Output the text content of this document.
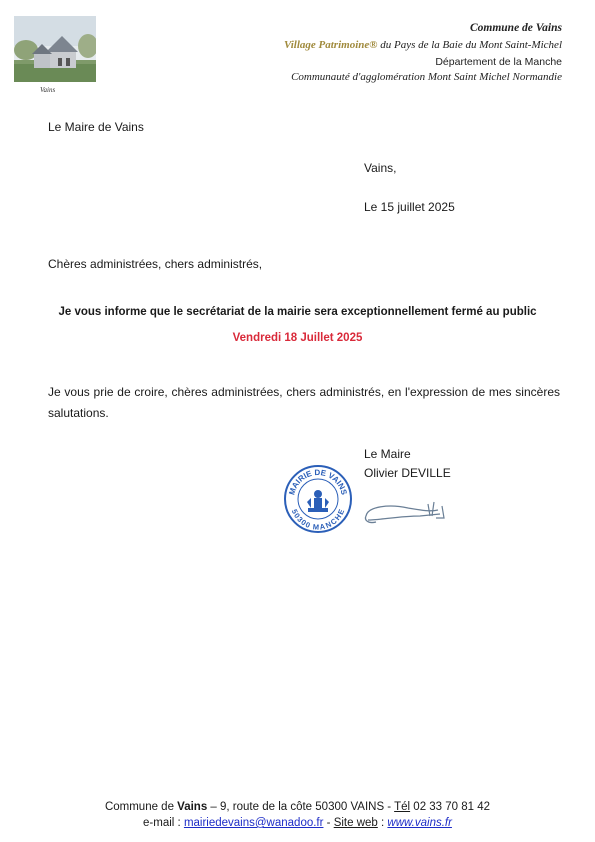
Vains
Commune de Vains
Village Patrimoine® du Pays de la Baie du Mont Saint-Michel
Département de la Manche
Communauté d'agglomération Mont Saint Michel Normandie
Le Maire de Vains
Vains,
Le 15 juillet 2025
Chères administrées, chers administrés,
Je vous informe que le secrétariat de la mairie sera exceptionnellement fermé au public
Vendredi 18 Juillet 2025
Je vous prie de croire, chères administrées, chers administrés, en l'expression de mes sincères salutations.
Le Maire
Olivier DEVILLE
MAIRIE DE VAINS
50300 MANCHE
Commune de Vains – 9, route de la côte 50300 VAINS - Tél 02 33 70 81 42
e-mail : mairiedevains@wanadoo.fr - Site web : www.vains.fr
